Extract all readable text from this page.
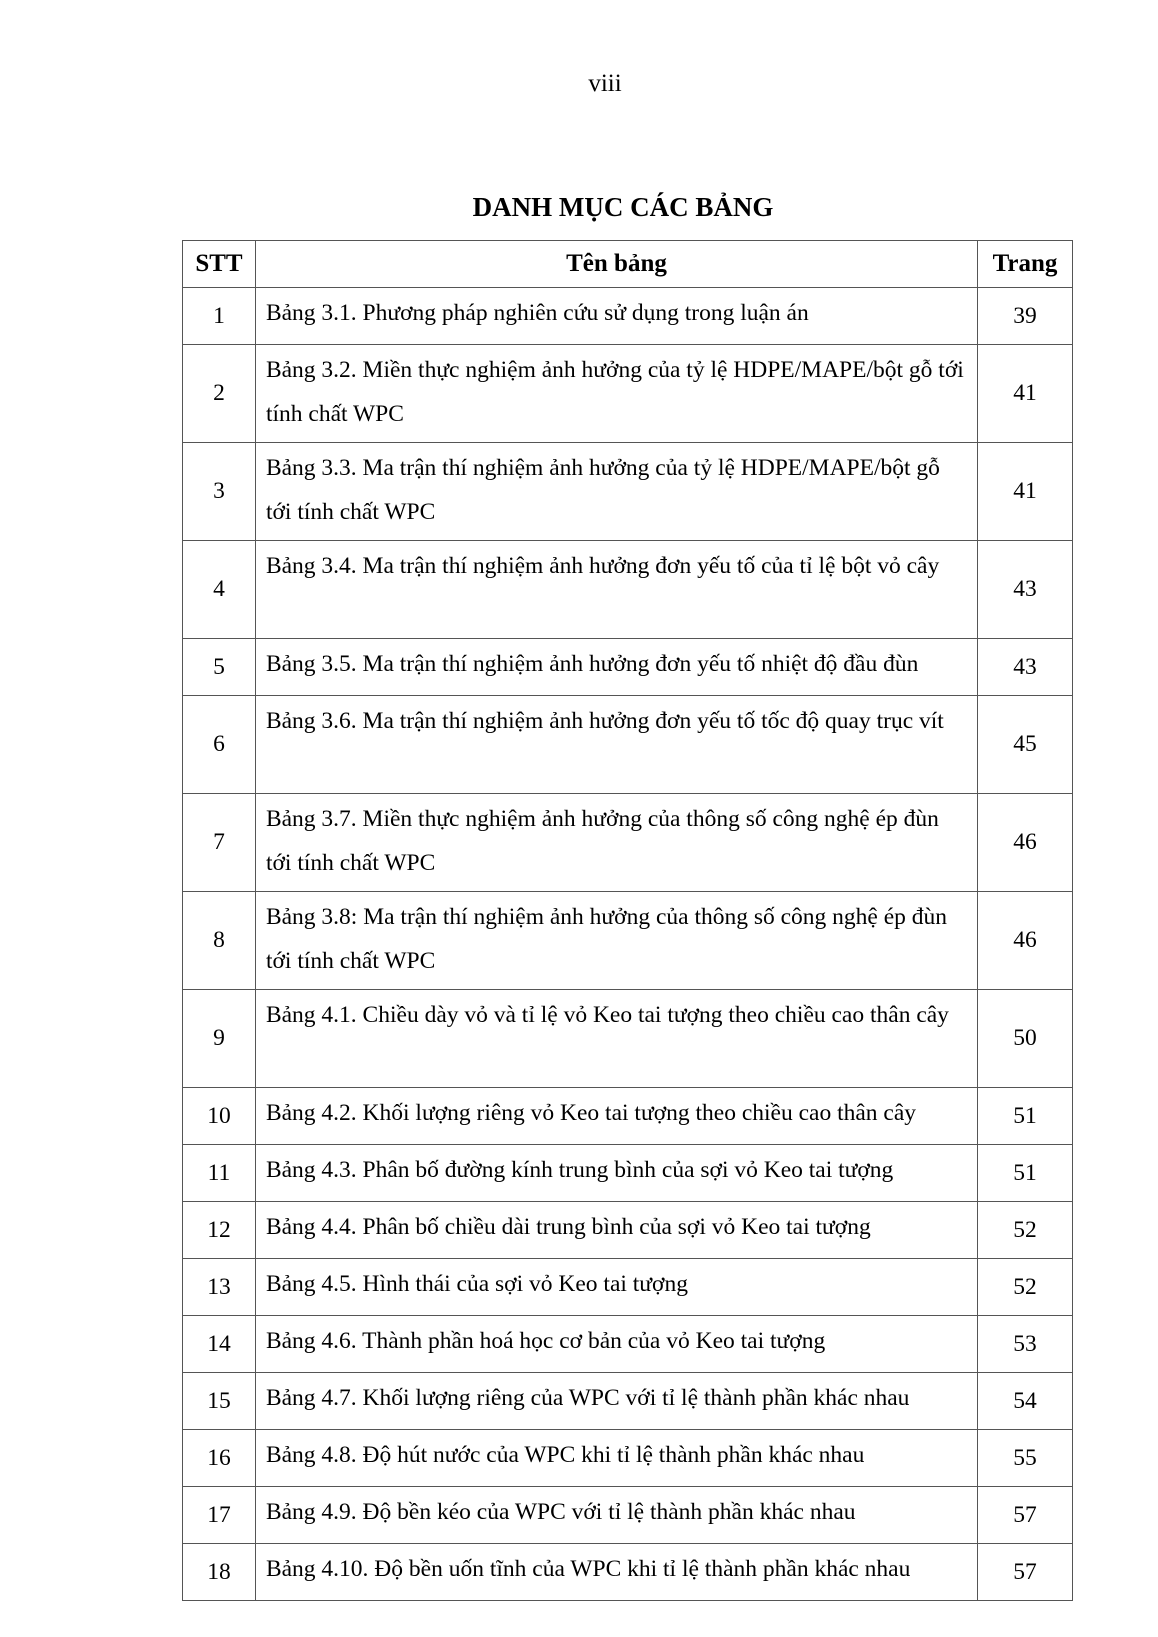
viii
DANH MỤC CÁC BẢNG
STT	Tên bảng	Trang
1	Bảng 3.1. Phương pháp nghiên cứu sử dụng trong luận án	39
2	Bảng 3.2. Miền thực nghiệm ảnh hưởng của tỷ lệ HDPE/MAPE/bột gỗ tới tính chất WPC	41
3	Bảng 3.3. Ma trận thí nghiệm ảnh hưởng của tỷ lệ HDPE/MAPE/bột gỗ tới tính chất WPC	41
4	Bảng 3.4. Ma trận thí nghiệm ảnh hưởng đơn yếu tố của tỉ lệ bột vỏ cây	43
5	Bảng 3.5. Ma trận thí nghiệm ảnh hưởng đơn yếu tố nhiệt độ đầu đùn	43
6	Bảng 3.6. Ma trận thí nghiệm ảnh hưởng đơn yếu tố tốc độ quay trục vít	45
7	Bảng 3.7. Miền thực nghiệm ảnh hưởng của thông số công nghệ ép đùn tới tính chất WPC	46
8	Bảng 3.8: Ma trận thí nghiệm ảnh hưởng của thông số công nghệ ép đùn tới tính chất WPC	46
9	Bảng 4.1. Chiều dày vỏ và tỉ lệ vỏ Keo tai tượng theo chiều cao thân cây	50
10	Bảng 4.2. Khối lượng riêng vỏ Keo tai tượng theo chiều cao thân cây	51
11	Bảng 4.3. Phân bố đường kính trung bình của sợi vỏ Keo tai tượng	51
12	Bảng 4.4. Phân bố chiều dài trung bình của sợi vỏ Keo tai tượng	52
13	Bảng 4.5. Hình thái của sợi vỏ Keo tai tượng	52
14	Bảng 4.6. Thành phần hoá học cơ bản của vỏ Keo tai tượng	53
15	Bảng 4.7. Khối lượng riêng của WPC với tỉ lệ thành phần khác nhau	54
16	Bảng 4.8. Độ hút nước của WPC khi tỉ lệ thành phần khác nhau	55
17	Bảng 4.9. Độ bền kéo của WPC với tỉ lệ thành phần khác nhau	57
18	Bảng 4.10. Độ bền uốn tĩnh của WPC khi tỉ lệ thành phần khác nhau	57
